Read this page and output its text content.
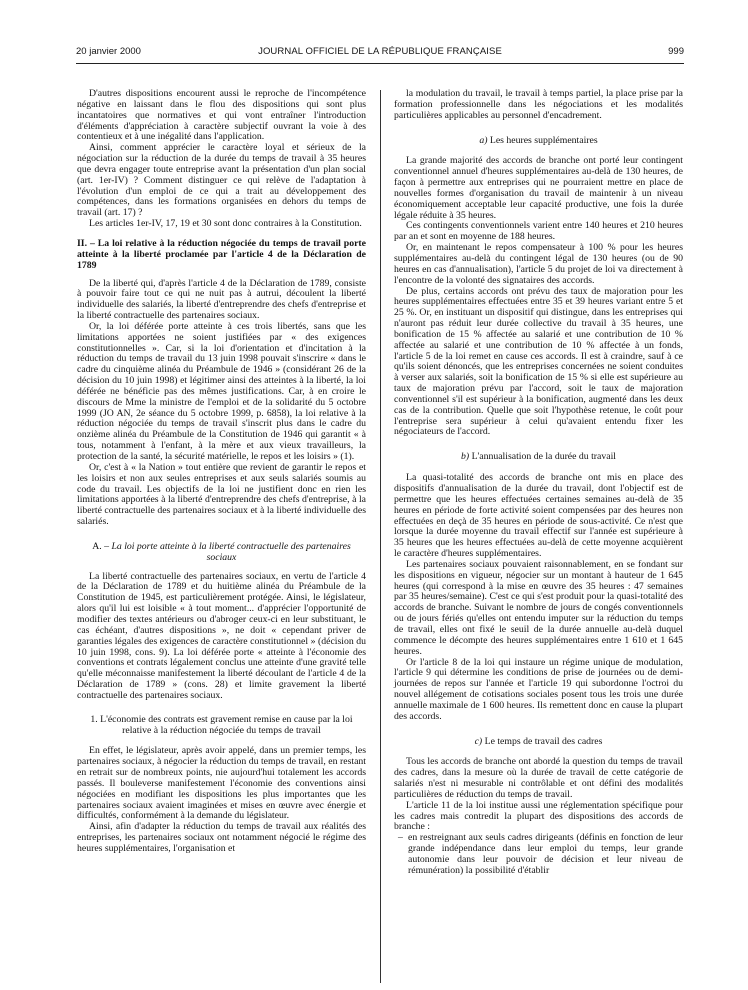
20 janvier 2000	JOURNAL OFFICIEL DE LA RÉPUBLIQUE FRANÇAISE	999

D'autres dispositions encourent aussi le reproche de l'incompétence négative en laissant dans le flou des dispositions qui sont plus incantatoires que normatives et qui vont entraîner l'introduction d'éléments d'appréciation à caractère subjectif ouvrant la voie à des contentieux et à une inégalité dans l'application.

Ainsi, comment apprécier le caractère loyal et sérieux de la négociation sur la réduction de la durée du temps de travail à 35 heures que devra engager toute entreprise avant la présentation d'un plan social (art. 1er-IV) ? Comment distinguer ce qui relève de l'adaptation à l'évolution d'un emploi de ce qui a trait au développement des compétences, dans les formations organisées en dehors du temps de travail (art. 17) ?

Les articles 1er-IV, 17, 19 et 30 sont donc contraires à la Constitution.

II. – La loi relative à la réduction négociée du temps de travail porte atteinte à la liberté proclamée par l'article 4 de la Déclaration de 1789

De la liberté qui, d'après l'article 4 de la Déclaration de 1789, consiste à pouvoir faire tout ce qui ne nuit pas à autrui, découlent la liberté individuelle des salariés, la liberté d'entreprendre des chefs d'entreprise et la liberté contractuelle des partenaires sociaux.

Or, la loi déférée porte atteinte à ces trois libertés, sans que les limitations apportées ne soient justifiées par « des exigences constitutionnelles ». Car, si la loi d'orientation et d'incitation à la réduction du temps de travail du 13 juin 1998 pouvait s'inscrire « dans le cadre du cinquième alinéa du Préambule de 1946 » (considérant 26 de la décision du 10 juin 1998) et légitimer ainsi des atteintes à la liberté, la loi déférée ne bénéficie pas des mêmes justifications. Car, à en croire le discours de Mme la ministre de l'emploi et de la solidarité du 5 octobre 1999 (JO AN, 2e séance du 5 octobre 1999, p. 6858), la loi relative à la réduction négociée du temps de travail s'inscrit plus dans le cadre du onzième alinéa du Préambule de la Constitution de 1946 qui garantit « à tous, notamment à l'enfant, à la mère et aux vieux travailleurs, la protection de la santé, la sécurité matérielle, le repos et les loisirs » (1).

Or, c'est à « la Nation » tout entière que revient de garantir le repos et les loisirs et non aux seules entreprises et aux seuls salariés soumis au code du travail. Les objectifs de la loi ne justifient donc en rien les limitations apportées à la liberté d'entreprendre des chefs d'entreprise, à la liberté contractuelle des partenaires sociaux et à la liberté individuelle des salariés.

A. – La loi porte atteinte à la liberté contractuelle des partenaires sociaux

La liberté contractuelle des partenaires sociaux, en vertu de l'article 4 de la Déclaration de 1789 et du huitième alinéa du Préambule de la Constitution de 1945, est particulièrement protégée. Ainsi, le législateur, alors qu'il lui est loisible « à tout moment... d'apprécier l'opportunité de modifier des textes antérieurs ou d'abroger ceux-ci en leur substituant, le cas échéant, d'autres dispositions », ne doit « cependant priver de garanties légales des exigences de caractère constitutionnel » (décision du 10 juin 1998, cons. 9). La loi déférée porte « atteinte à l'économie des conventions et contrats légalement conclus une atteinte d'une gravité telle qu'elle méconnaisse manifestement la liberté découlant de l'article 4 de la Déclaration de 1789 » (cons. 28) et limite gravement la liberté contractuelle des partenaires sociaux.

1. L'économie des contrats est gravement remise en cause par la loi relative à la réduction négociée du temps de travail

En effet, le législateur, après avoir appelé, dans un premier temps, les partenaires sociaux, à négocier la réduction du temps de travail, en restant en retrait sur de nombreux points, nie aujourd'hui totalement les accords passés. Il bouleverse manifestement l'économie des conventions ainsi négociées en modifiant les dispositions les plus importantes que les partenaires sociaux avaient imaginées et mises en œuvre avec énergie et difficultés, conformément à la demande du législateur.

Ainsi, afin d'adapter la réduction du temps de travail aux réalités des entreprises, les partenaires sociaux ont notamment négocié le régime des heures supplémentaires, l'organisation et

la modulation du travail, le travail à temps partiel, la place prise par la formation professionnelle dans les négociations et les modalités particulières applicables au personnel d'encadrement.

a) Les heures supplémentaires

La grande majorité des accords de branche ont porté leur contingent conventionnel annuel d'heures supplémentaires au-delà de 130 heures, de façon à permettre aux entreprises qui ne pourraient mettre en place de nouvelles formes d'organisation du travail de maintenir à un niveau économiquement acceptable leur capacité productive, une fois la durée légale réduite à 35 heures.

Ces contingents conventionnels varient entre 140 heures et 210 heures par an et sont en moyenne de 188 heures.

Or, en maintenant le repos compensateur à 100 % pour les heures supplémentaires au-delà du contingent légal de 130 heures (ou de 90 heures en cas d'annualisation), l'article 5 du projet de loi va directement à l'encontre de la volonté des signataires des accords.

De plus, certains accords ont prévu des taux de majoration pour les heures supplémentaires effectuées entre 35 et 39 heures variant entre 5 et 25 %. Or, en instituant un dispositif qui distingue, dans les entreprises qui n'auront pas réduit leur durée collective du travail à 35 heures, une bonification de 15 % affectée au salarié et une contribution de 10 % affectée au salarié et une contribution de 10 % affectée à un fonds, l'article 5 de la loi remet en cause ces accords. Il est à craindre, sauf à ce qu'ils soient dénoncés, que les entreprises concernées ne soient conduites à verser aux salariés, soit la bonification de 15 % si elle est supérieure au taux de majoration prévu par l'accord, soit le taux de majoration conventionnel s'il est supérieur à la bonification, augmenté dans les deux cas de la contribution. Quelle que soit l'hypothèse retenue, le coût pour l'entreprise sera supérieur à celui qu'avaient entendu fixer les négociateurs de l'accord.

b) L'annualisation de la durée du travail

La quasi-totalité des accords de branche ont mis en place des dispositifs d'annualisation de la durée du travail, dont l'objectif est de permettre que les heures effectuées certaines semaines au-delà de 35 heures en période de forte activité soient compensées par des heures non effectuées en deçà de 35 heures en période de sous-activité. Ce n'est que lorsque la durée moyenne du travail effectif sur l'année est supérieure à 35 heures que les heures effectuées au-delà de cette moyenne acquièrent le caractère d'heures supplémentaires.

Les partenaires sociaux pouvaient raisonnablement, en se fondant sur les dispositions en vigueur, négocier sur un montant à hauteur de 1 645 heures (qui correspond à la mise en œuvre des 35 heures : 47 semaines par 35 heures/semaine). C'est ce qui s'est produit pour la quasi-totalité des accords de branche. Suivant le nombre de jours de congés conventionnels ou de jours fériés qu'elles ont entendu imputer sur la réduction du temps de travail, elles ont fixé le seuil de la durée annuelle au-delà duquel commence le décompte des heures supplémentaires entre 1 610 et 1 645 heures.

Or l'article 8 de la loi qui instaure un régime unique de modulation, l'article 9 qui détermine les conditions de prise de journées ou de demi-journées de repos sur l'année et l'article 19 qui subordonne l'octroi du nouvel allégement de cotisations sociales posent tous les trois une durée annuelle maximale de 1 600 heures. Ils remettent donc en cause la plupart des accords.

c) Le temps de travail des cadres

Tous les accords de branche ont abordé la question du temps de travail des cadres, dans la mesure où la durée de travail de cette catégorie de salariés n'est ni mesurable ni contrôlable et ont défini des modalités particulières de réduction du temps de travail.

L'article 11 de la loi institue aussi une réglementation spécifique pour les cadres mais contredit la plupart des dispositions des accords de branche :

– en restreignant aux seuls cadres dirigeants (définis en fonction de leur grande indépendance dans leur emploi du temps, leur grande autonomie dans leur pouvoir de décision et leur niveau de rémunération) la possibilité d'établir
